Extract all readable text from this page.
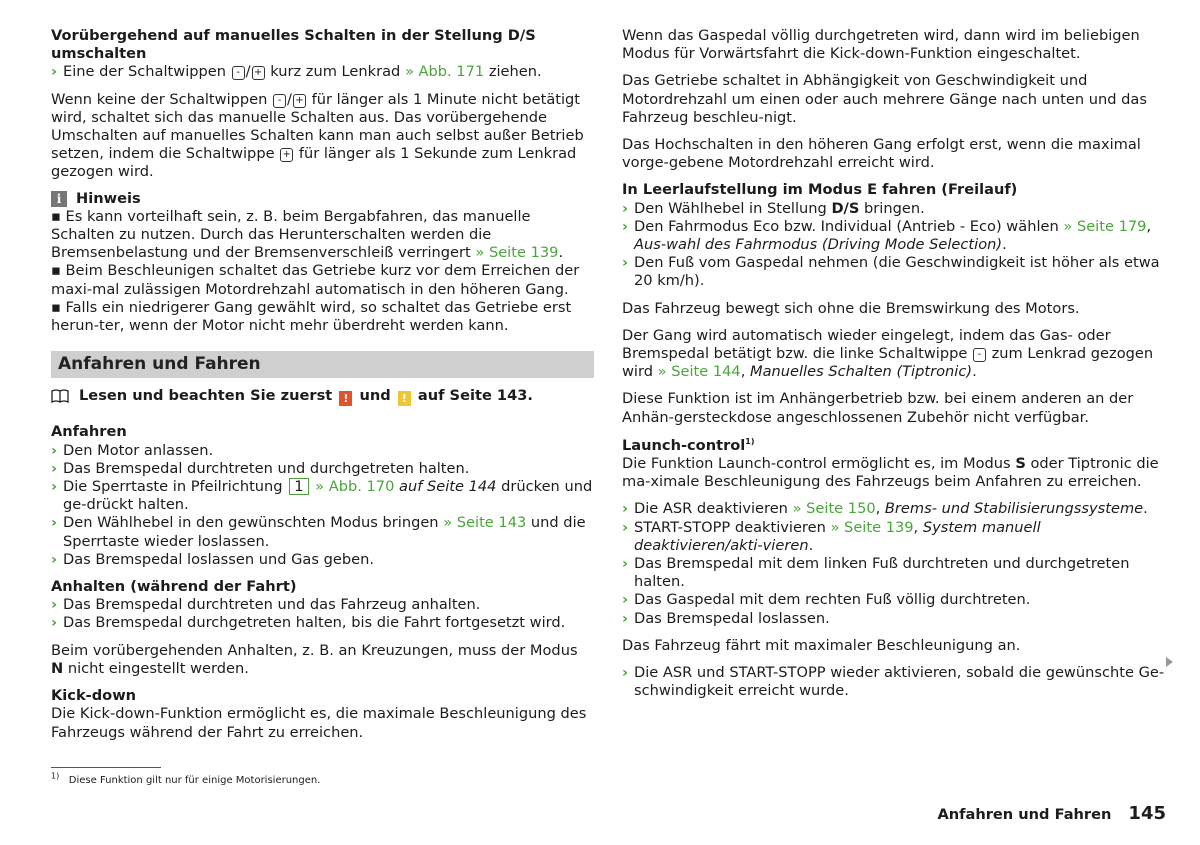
Vorübergehend auf manuelles Schalten in der Stellung D/S umschalten

› Eine der Schaltwippen - / + kurz zum Lenkrad » Abb. 171 ziehen.

Wenn keine der Schaltwippen - / + für länger als 1 Minute nicht betätigt wird, schaltet sich das manuelle Schalten aus. Das vorübergehende Umschalten auf manuelles Schalten kann man auch selbst außer Betrieb setzen, indem die Schaltwippe + für länger als 1 Sekunde zum Lenkrad gezogen wird.

i	Hinweis

▪ Es kann vorteilhaft sein, z. B. beim Bergabfahren, das manuelle Schalten zu nutzen. Durch das Herunterschalten werden die Bremsenbelastung und der Bremsenverschleiß verringert » Seite 139.

▪ Beim Beschleunigen schaltet das Getriebe kurz vor dem Erreichen der maxi-mal zulässigen Motordrehzahl automatisch in den höheren Gang.

▪ Falls ein niedrigerer Gang gewählt wird, so schaltet das Getriebe erst herun-ter, wenn der Motor nicht mehr überdreht werden kann.

Anfahren und Fahren

Lesen und beachten Sie zuerst ! und ! auf Seite 143.

Anfahren

› Den Motor anlassen.

› Das Bremspedal durchtreten und durchgetreten halten.

› Die Sperrtaste in Pfeilrichtung 1 » Abb. 170 auf Seite 144 drücken und ge-drückt halten.

› Den Wählhebel in den gewünschten Modus bringen » Seite 143 und die Sperrtaste wieder loslassen.

› Das Bremspedal loslassen und Gas geben.

Anhalten (während der Fahrt)

› Das Bremspedal durchtreten und das Fahrzeug anhalten.

› Das Bremspedal durchgetreten halten, bis die Fahrt fortgesetzt wird.

Beim vorübergehenden Anhalten, z. B. an Kreuzungen, muss der Modus N nicht eingestellt werden.

Kick-down

Die Kick-down-Funktion ermöglicht es, die maximale Beschleunigung des Fahrzeugs während der Fahrt zu erreichen.

Wenn das Gaspedal völlig durchgetreten wird, dann wird im beliebigen Modus für Vorwärtsfahrt die Kick-down-Funktion eingeschaltet.

Das Getriebe schaltet in Abhängigkeit von Geschwindigkeit und Motordrehzahl um einen oder auch mehrere Gänge nach unten und das Fahrzeug beschleu-nigt.

Das Hochschalten in den höheren Gang erfolgt erst, wenn die maximal vorge-gebene Motordrehzahl erreicht wird.

In Leerlaufstellung im Modus E fahren (Freilauf)

› Den Wählhebel in Stellung D/S bringen.

› Den Fahrmodus Eco bzw. Individual (Antrieb - Eco) wählen » Seite 179, Aus-wahl des Fahrmodus (Driving Mode Selection).

› Den Fuß vom Gaspedal nehmen (die Geschwindigkeit ist höher als etwa 20 km/h).

Das Fahrzeug bewegt sich ohne die Bremswirkung des Motors.

Der Gang wird automatisch wieder eingelegt, indem das Gas- oder Bremspedal betätigt bzw. die linke Schaltwippe - zum Lenkrad gezogen wird » Seite 144, Manuelles Schalten (Tiptronic).

Diese Funktion ist im Anhängerbetrieb bzw. bei einem anderen an der Anhän-gersteckdose angeschlossenen Zubehör nicht verfügbar.

Launch-control$^{1)}$

Die Funktion Launch-control ermöglicht es, im Modus S oder Tiptronic die ma-ximale Beschleunigung des Fahrzeugs beim Anfahren zu erreichen.

› Die ASR deaktivieren » Seite 150, Brems- und Stabilisierungssysteme.

› START-STOPP deaktivieren » Seite 139, System manuell deaktivieren/akti-vieren.

› Das Bremspedal mit dem linken Fuß durchtreten und durchgetreten halten.

› Das Gaspedal mit dem rechten Fuß völlig durchtreten.

› Das Bremspedal loslassen.

Das Fahrzeug fährt mit maximaler Beschleunigung an.

› Die ASR und START-STOPP wieder aktivieren, sobald die gewünschte Ge-schwindigkeit erreicht wurde.

$^{1)}$ Diese Funktion gilt nur für einige Motorisierungen.
Anfahren und Fahren 145
